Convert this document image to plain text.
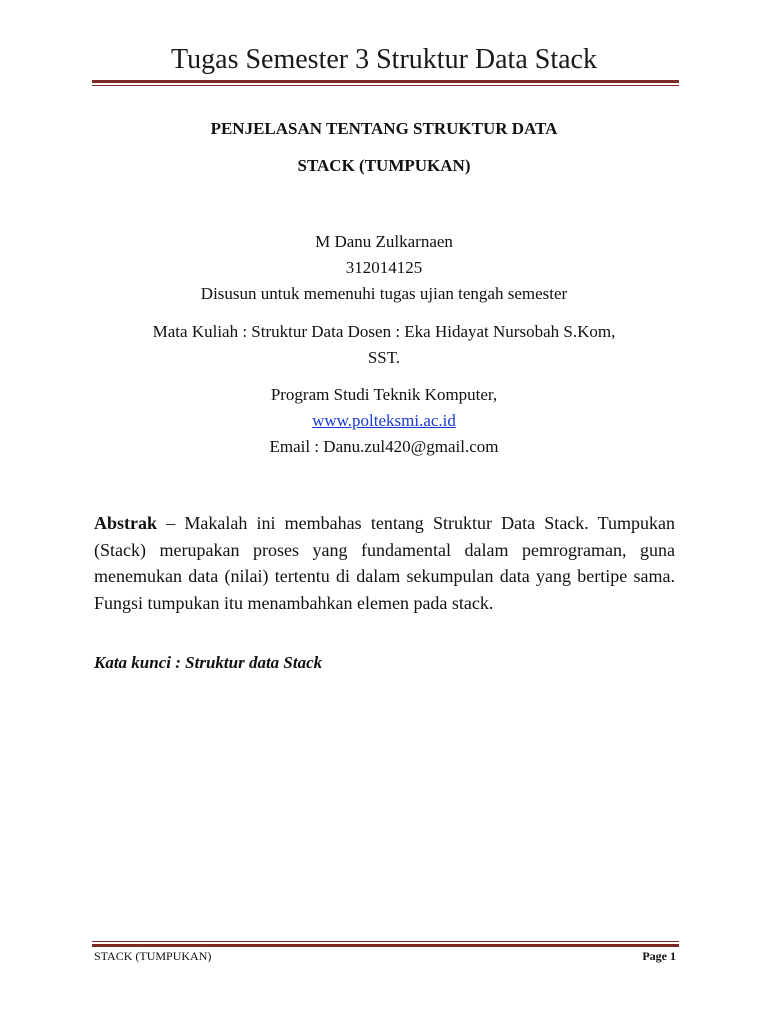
Tugas Semester 3 Struktur Data Stack
PENJELASAN TENTANG STRUKTUR DATA
STACK (TUMPUKAN)
M Danu Zulkarnaen
312014125
Disusun untuk memenuhi tugas ujian tengah semester
Mata Kuliah : Struktur Data Dosen : Eka Hidayat Nursobah S.Kom,
SST.
Program Studi Teknik Komputer,
www.polteksmi.ac.id
Email : Danu.zul420@gmail.com
Abstrak – Makalah ini membahas tentang Struktur Data Stack. Tumpukan (Stack) merupakan proses yang fundamental dalam pemrograman, guna menemukan data (nilai) tertentu di dalam sekumpulan data yang bertipe sama. Fungsi tumpukan itu menambahkan elemen pada stack.
Kata kunci : Struktur data Stack
STACK (TUMPUKAN)	Page 1
